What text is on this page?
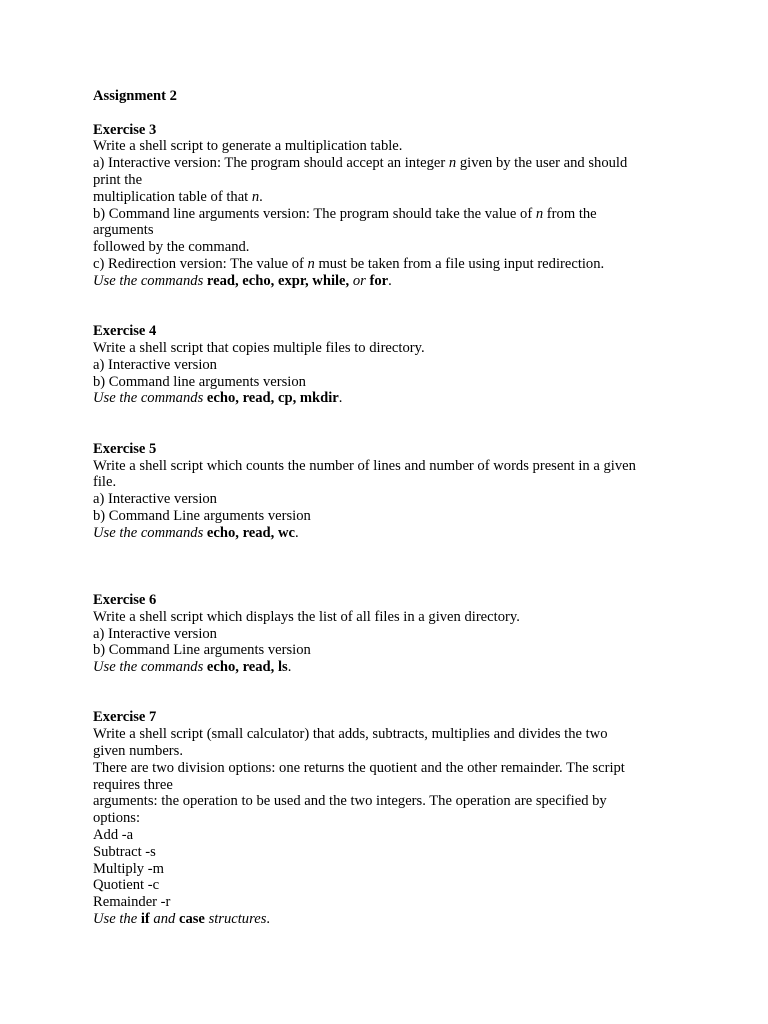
Assignment 2
Exercise 3
Write a shell script to generate a multiplication table.
a) Interactive version: The program should accept an integer n given by the user and should
print the
multiplication table of that n.
b) Command line arguments version: The program should take the value of n from the
arguments
followed by the command.
c) Redirection version: The value of n must be taken from a file using input redirection.
Use the commands read, echo, expr, while, or for.
Exercise 4
Write a shell script that copies multiple files to directory.
a) Interactive version
b) Command line arguments version
Use the commands echo, read, cp, mkdir.
Exercise 5
Write a shell script which counts the number of lines and number of words present in a given
file.
a) Interactive version
b) Command Line arguments version
Use the commands echo, read, wc.
Exercise 6
Write a shell script which displays the list of all files in a given directory.
a) Interactive version
b) Command Line arguments version
Use the commands echo, read, ls.
Exercise 7
Write a shell script (small calculator) that adds, subtracts, multiplies and divides the two
given numbers.
There are two division options: one returns the quotient and the other remainder. The script
requires three
arguments: the operation to be used and the two integers. The operation are specified by
options:
Add -a
Subtract -s
Multiply -m
Quotient -c
Remainder -r
Use the if and case structures.
